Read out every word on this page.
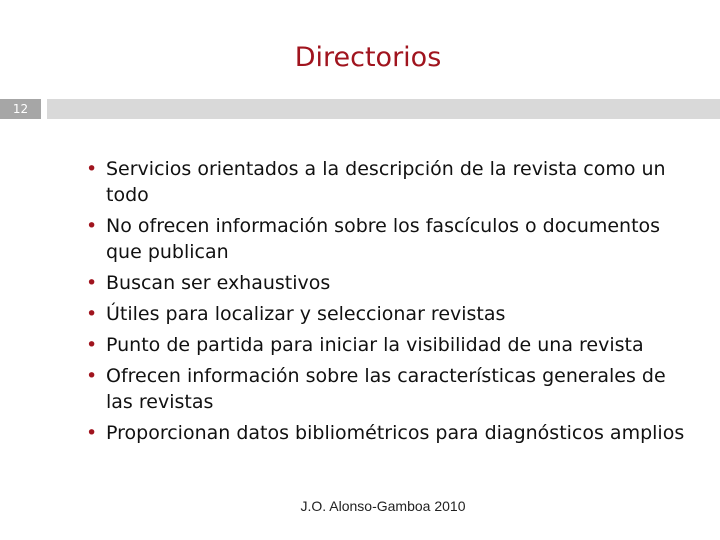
Directorios
12
• Servicios orientados a la descripción de la revista como un todo
• No ofrecen información sobre los fascículos o documentos que publican
• Buscan ser exhaustivos
• Útiles para localizar y seleccionar revistas
• Punto de partida para iniciar la visibilidad de una revista
• Ofrecen información sobre las características generales de las revistas
• Proporcionan datos bibliométricos para diagnósticos amplios
J.O. Alonso-Gamboa 2010
